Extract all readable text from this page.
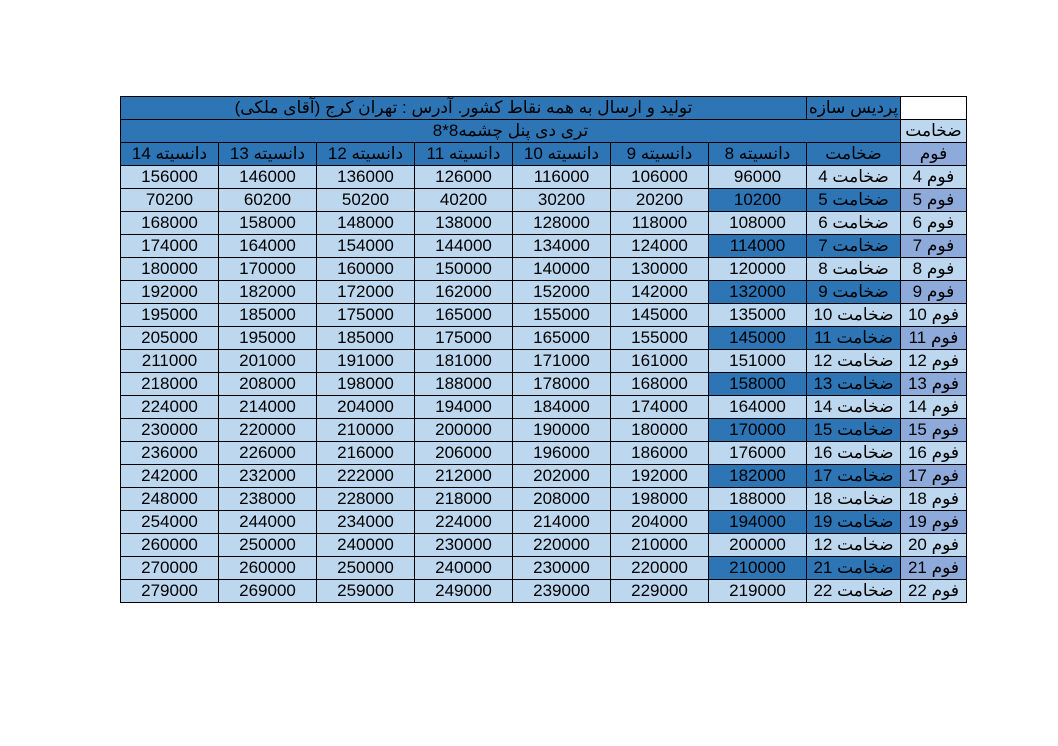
تولید و ارسال به همه نقاط کشور. آدرس : تهران کرج (آقای ملکی)							پردیس سازه	
تری دی پنل چشمه8*8								ضخامت
دانسیته 14	دانسیته 13	دانسیته 12	دانسیته 11	دانسیته 10	دانسیته 9	دانسیته 8	ضخامت	فوم
156000	146000	136000	126000	116000	106000	96000	ضخامت 4	فوم 4
70200	60200	50200	40200	30200	20200	10200	ضخامت 5	فوم 5
168000	158000	148000	138000	128000	118000	108000	ضخامت 6	فوم 6
174000	164000	154000	144000	134000	124000	114000	ضخامت 7	فوم 7
180000	170000	160000	150000	140000	130000	120000	ضخامت 8	فوم 8
192000	182000	172000	162000	152000	142000	132000	ضخامت 9	فوم 9
195000	185000	175000	165000	155000	145000	135000	ضخامت 10	فوم 10
205000	195000	185000	175000	165000	155000	145000	ضخامت 11	فوم 11
211000	201000	191000	181000	171000	161000	151000	ضخامت 12	فوم 12
218000	208000	198000	188000	178000	168000	158000	ضخامت 13	فوم 13
224000	214000	204000	194000	184000	174000	164000	ضخامت 14	فوم 14
230000	220000	210000	200000	190000	180000	170000	ضخامت 15	فوم 15
236000	226000	216000	206000	196000	186000	176000	ضخامت 16	فوم 16
242000	232000	222000	212000	202000	192000	182000	ضخامت 17	فوم 17
248000	238000	228000	218000	208000	198000	188000	ضخامت 18	فوم 18
254000	244000	234000	224000	214000	204000	194000	ضخامت 19	فوم 19
260000	250000	240000	230000	220000	210000	200000	ضخامت 12	فوم 20
270000	260000	250000	240000	230000	220000	210000	ضخامت 21	فوم 21
279000	269000	259000	249000	239000	229000	219000	ضخامت 22	فوم 22
